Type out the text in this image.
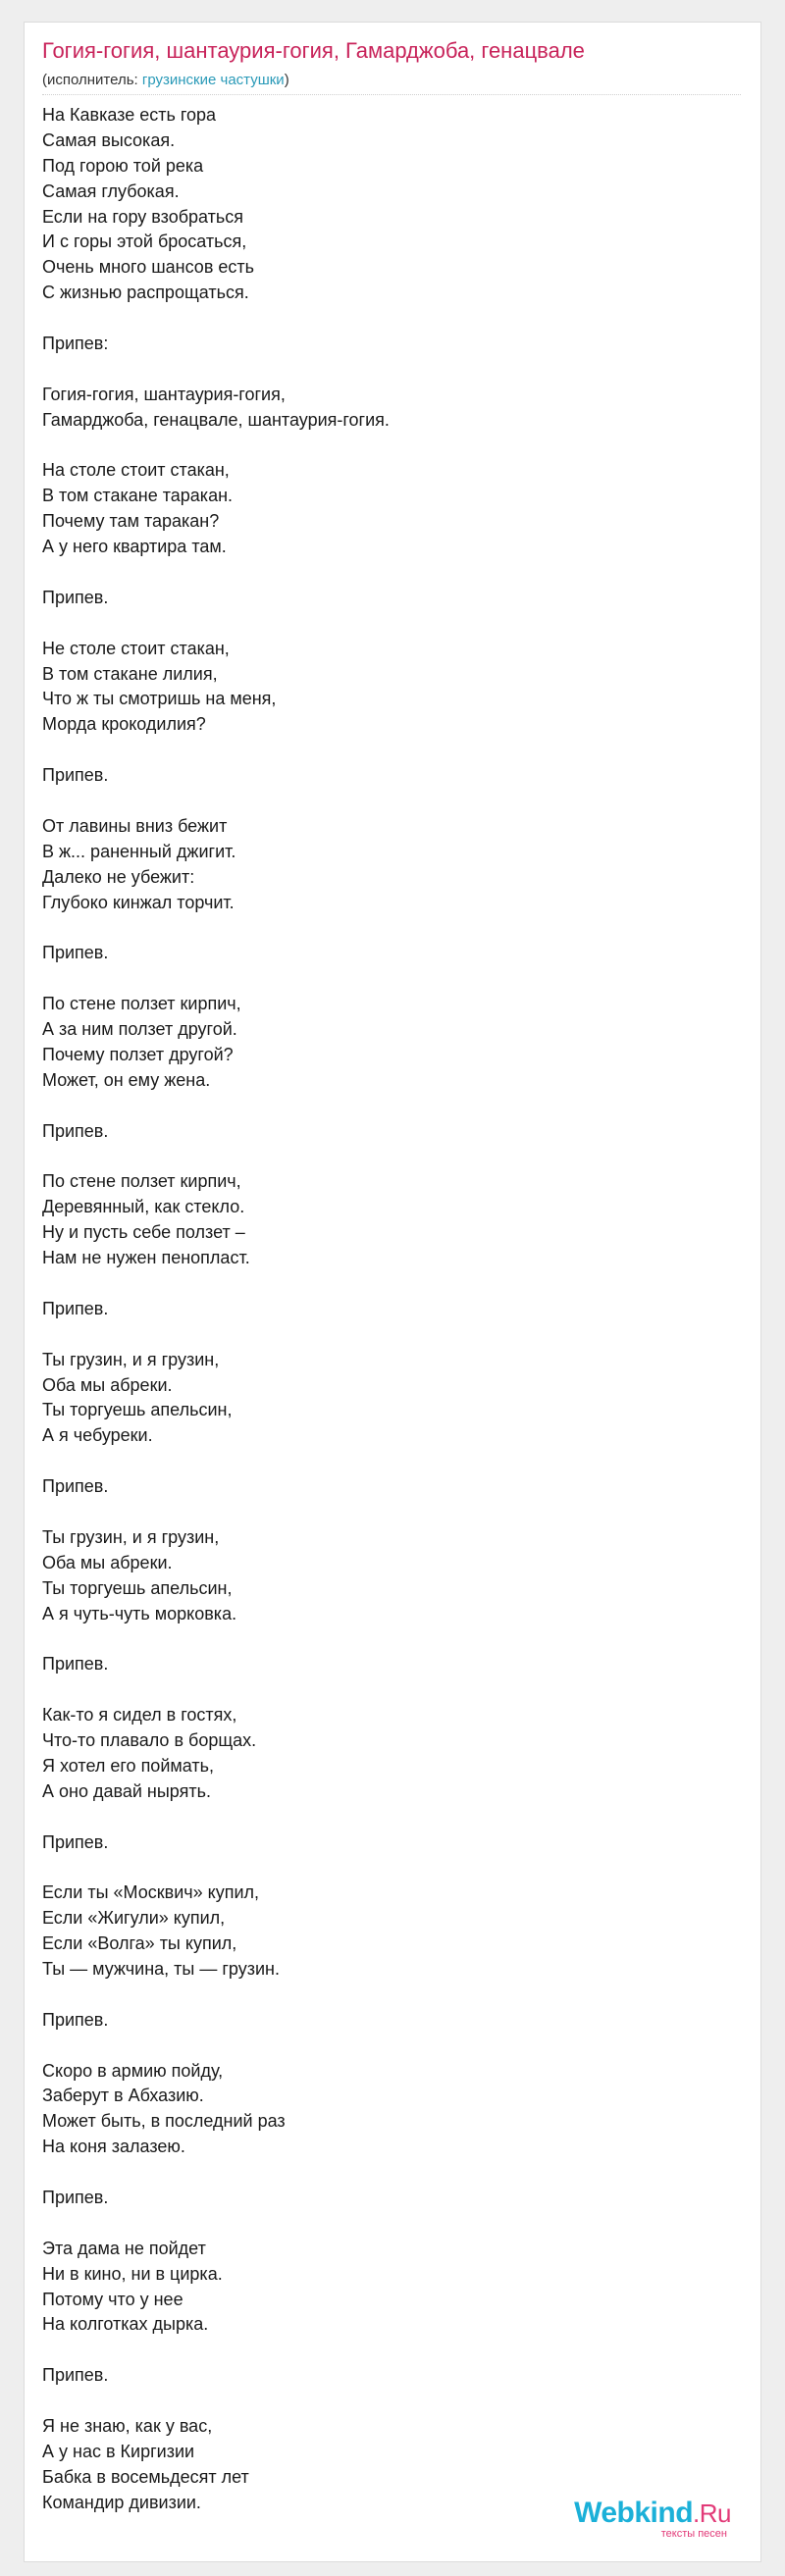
Гогия-гогия, шантаурия-гогия, Гамарджоба, генацвале
(исполнитель: грузинские частушки)
На Кавказе есть гора
Самая высокая.
Под горою той река
Самая глубокая.
Если на гору взобраться
И с горы этой бросаться,
Очень много шансов есть
С жизнью распрощаться.
Припев:
Гогия-гогия, шантаурия-гогия,
Гамарджоба, генацвале, шантаурия-гогия.
На столе стоит стакан,
В том стакане таракан.
Почему там таракан?
А у него квартира там.
Припев.
Не столе стоит стакан,
В том стакане лилия,
Что ж ты смотришь на меня,
Морда крокодилия?
Припев.
От лавины вниз бежит
В ж... раненный джигит.
Далеко не убежит:
Глубоко кинжал торчит.
Припев.
По стене ползет кирпич,
А за ним ползет другой.
Почему ползет другой?
Может, он ему жена.
Припев.
По стене ползет кирпич,
Деревянный, как стекло.
Ну и пусть себе ползет –
Нам не нужен пенопласт.
Припев.
Ты грузин, и я грузин,
Оба мы абреки.
Ты торгуешь апельсин,
А я чебуреки.
Припев.
Ты грузин, и я грузин,
Оба мы абреки.
Ты торгуешь апельсин,
А я чуть-чуть морковка.
Припев.
Как-то я сидел в гостях,
Что-то плавало в борщах.
Я хотел его поймать,
А оно давай нырять.
Припев.
Если ты «Москвич» купил,
Если «Жигули» купил,
Если «Волга» ты купил,
Ты — мужчина, ты — грузин.
Припев.
Скоро в армию пойду,
Заберут в Абхазию.
Может быть, в последний раз
На коня залазею.
Припев.
Эта дама не пойдет
Ни в кино, ни в цирка.
Потому что у нее
На колготках дырка.
Припев.
Я не знаю, как у вас,
А у нас в Киргизии
Бабка в восемьдесят лет
Командир дивизии.	Webkind.Ru
тексты песен
